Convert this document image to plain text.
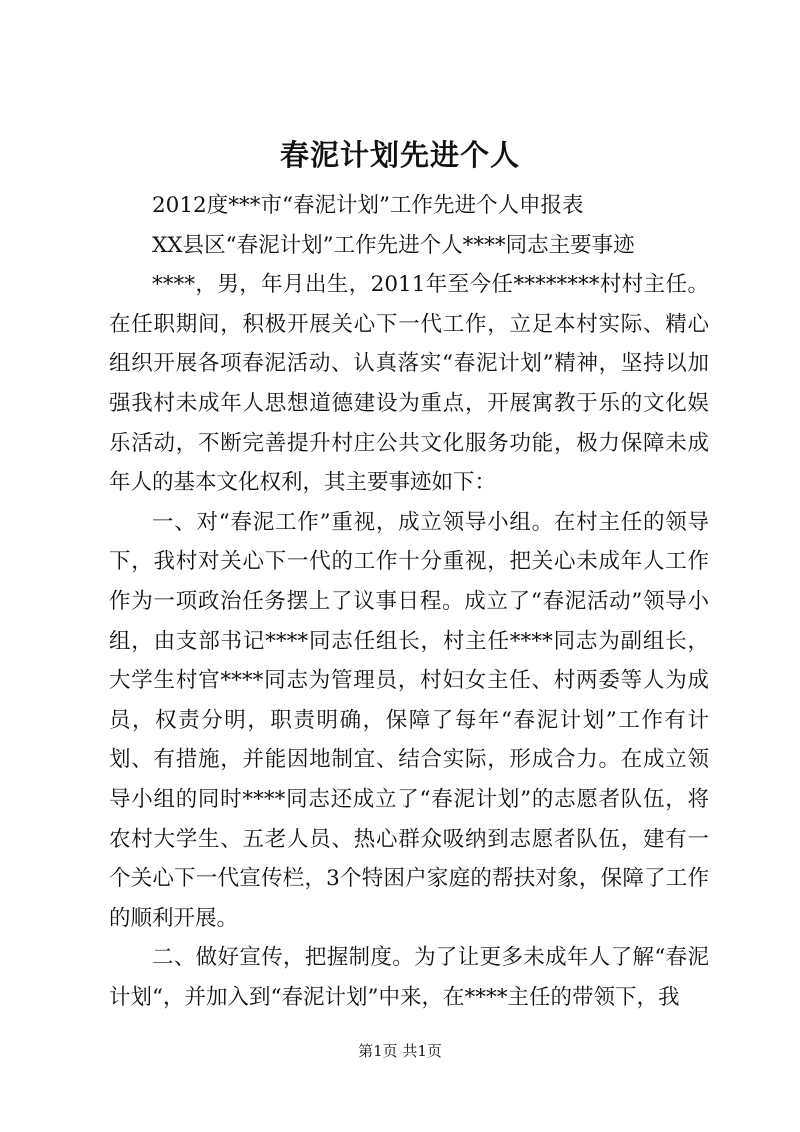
春泥计划先进个人

2012度***市“春泥计划”工作先进个人申报表

XX县区“春泥计划”工作先进个人****同志主要事迹

****，男，年月出生，2011年至今任********村村主任。在任职期间，积极开展关心下一代工作，立足本村实际、精心组织开展各项春泥活动、认真落实“春泥计划”精神，坚持以加强我村未成年人思想道德建设为重点，开展寓教于乐的文化娱乐活动，不断完善提升村庄公共文化服务功能，极力保障未成年人的基本文化权利，其主要事迹如下：

一、对“春泥工作”重视，成立领导小组。在村主任的领导下，我村对关心下一代的工作十分重视，把关心未成年人工作作为一项政治任务摆上了议事日程。成立了“春泥活动”领导小组，由支部书记****同志任组长，村主任****同志为副组长，大学生村官****同志为管理员，村妇女主任、村两委等人为成员，权责分明，职责明确，保障了每年“春泥计划”工作有计划、有措施，并能因地制宜、结合实际，形成合力。在成立领导小组的同时****同志还成立了“春泥计划”的志愿者队伍，将农村大学生、五老人员、热心群众吸纳到志愿者队伍，建有一个关心下一代宣传栏，3个特困户家庭的帮扶对象，保障了工作的顺利开展。

二、做好宣传，把握制度。为了让更多未成年人了解“春泥计划“，并加入到“春泥计划”中来，在****主任的带领下，我

第1页 共1页
